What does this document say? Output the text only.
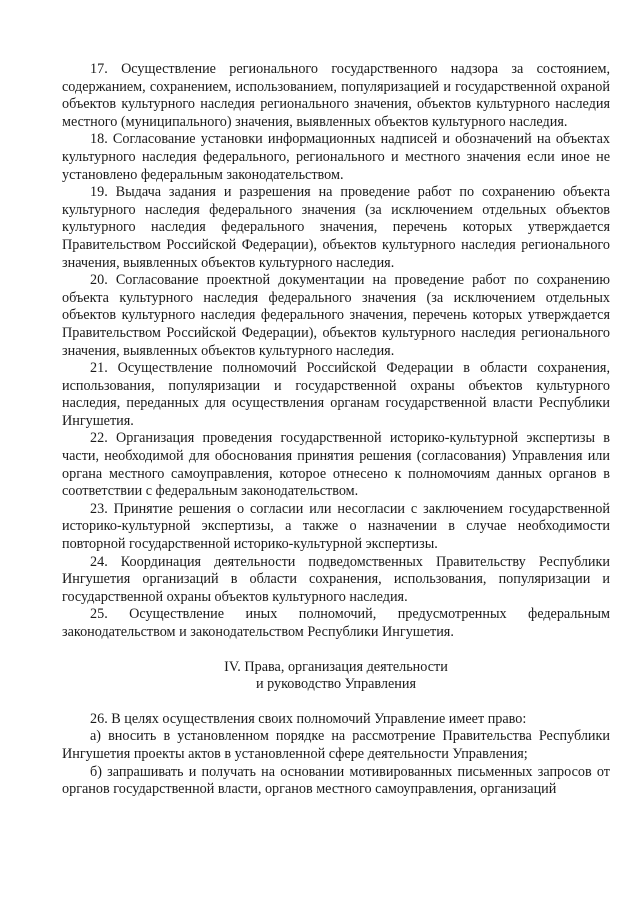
17. Осуществление регионального государственного надзора за состоянием, содержанием, сохранением, использованием, популяризацией и государственной охраной объектов культурного наследия регионального значения, объектов культурного наследия местного (муниципального) значения, выявленных объектов культурного наследия.

18. Согласование установки информационных надписей и обозначений на объектах культурного наследия федерального, регионального и местного значения если иное не установлено федеральным законодательством.

19. Выдача задания и разрешения на проведение работ по сохранению объекта культурного наследия федерального значения (за исключением отдельных объектов культурного наследия федерального значения, перечень которых утверждается Правительством Российской Федерации), объектов культурного наследия регионального значения, выявленных объектов культурного наследия.

20. Согласование проектной документации на проведение работ по сохранению объекта культурного наследия федерального значения (за исключением отдельных объектов культурного наследия федерального значения, перечень которых утверждается Правительством Российской Федерации), объектов культурного наследия регионального значения, выявленных объектов культурного наследия.

21. Осуществление полномочий Российской Федерации в области сохранения, использования, популяризации и государственной охраны объектов культурного наследия, переданных для осуществления органам государственной власти Республики Ингушетия.

22. Организация проведения государственной историко-культурной экспертизы в части, необходимой для обоснования принятия решения (согласования) Управления или органа местного самоуправления, которое отнесено к полномочиям данных органов в соответствии с федеральным законодательством.

23. Принятие решения о согласии или несогласии с заключением государственной историко-культурной экспертизы, а также о назначении в случае необходимости повторной государственной историко-культурной экспертизы.

24. Координация деятельности подведомственных Правительству Республики Ингушетия организаций в области сохранения, использования, популяризации и государственной охраны объектов культурного наследия.

25. Осуществление иных полномочий, предусмотренных федеральным законодательством и законодательством Республики Ингушетия.

IV. Права, организация деятельности
и руководство Управления

26. В целях осуществления своих полномочий Управление имеет право:

а) вносить в установленном порядке на рассмотрение Правительства Республики Ингушетия проекты актов в установленной сфере деятельности Управления;

б) запрашивать и получать на основании мотивированных письменных запросов от органов государственной власти, органов местного самоуправления, организаций
